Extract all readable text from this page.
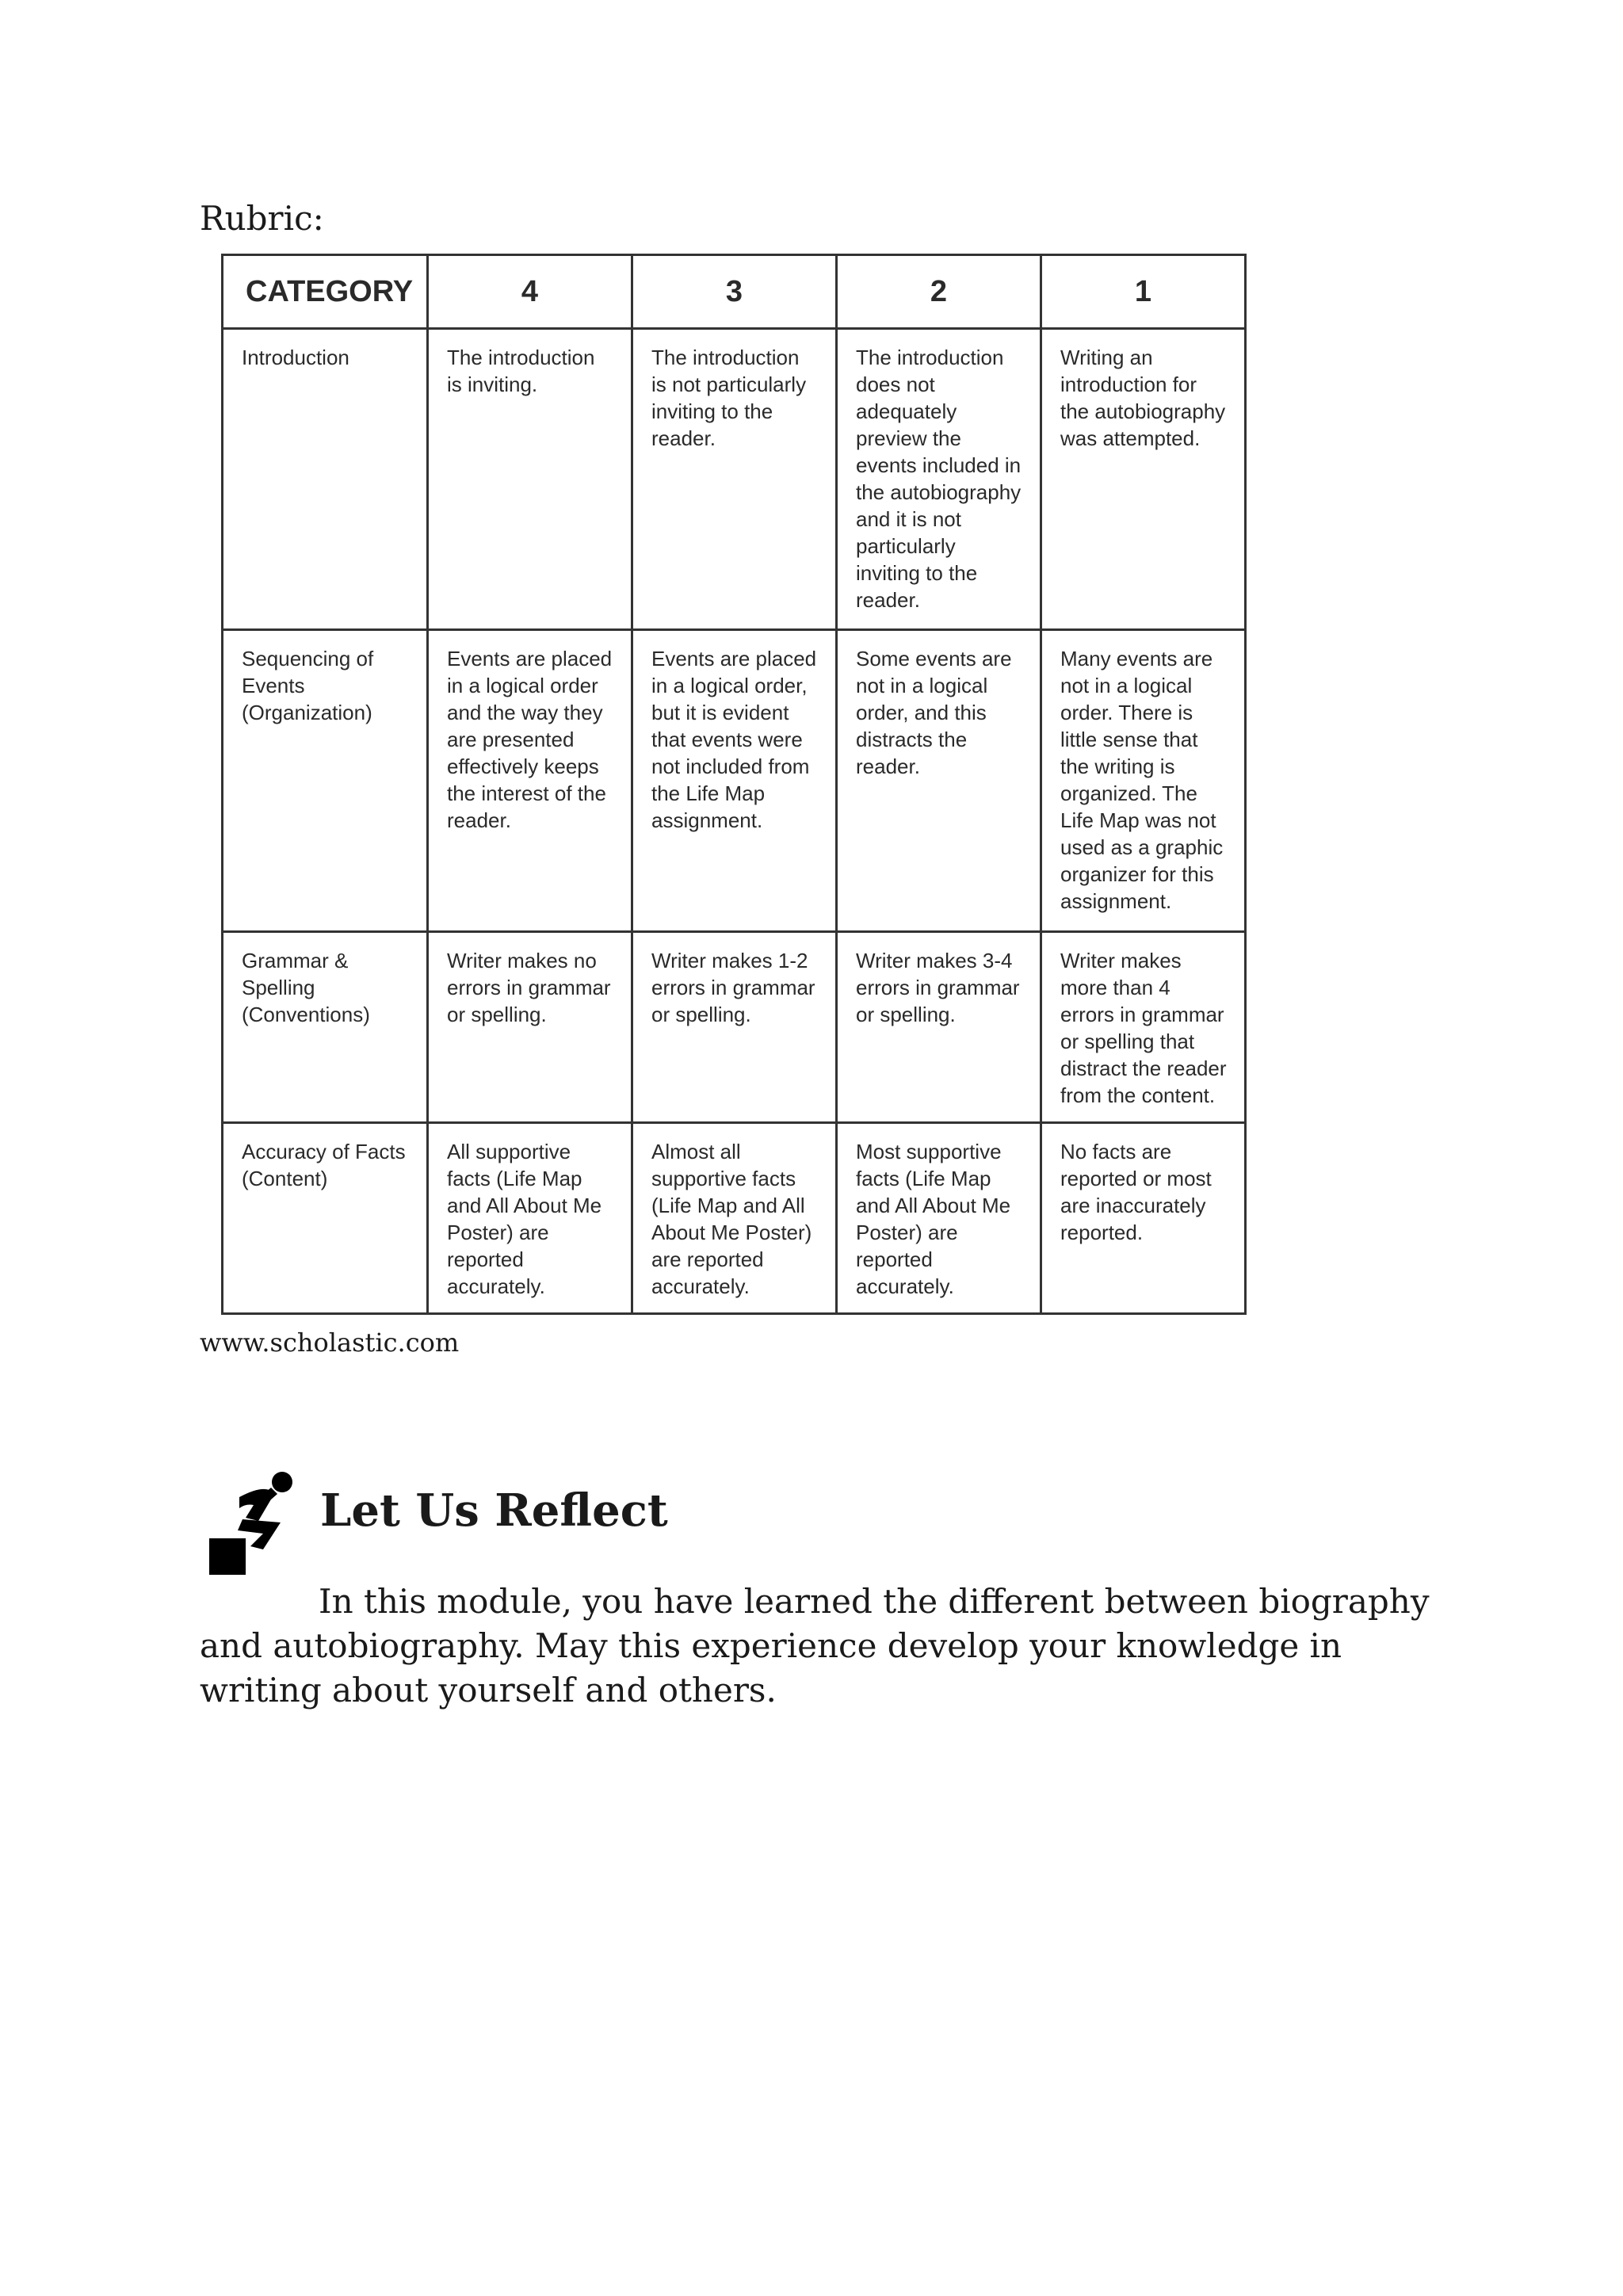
Rubric:
CATEGORY	4	3	2	1
Introduction	The introduction is inviting.	The introduction is not particularly inviting to the reader.	The introduction does not adequately preview the events included in the autobiography and it is not particularly inviting to the reader.	Writing an introduction for the autobiography was attempted.
Sequencing of Events (Organization)	Events are placed in a logical order and the way they are presented effectively keeps the interest of the reader.	Events are placed in a logical order, but it is evident that events were not included from the Life Map assignment.	Some events are not in a logical order, and this distracts the reader.	Many events are not in a logical order. There is little sense that the writing is organized. The Life Map was not used as a graphic organizer for this assignment.
Grammar & Spelling (Conventions)	Writer makes no errors in grammar or spelling.	Writer makes 1-2 errors in grammar or spelling.	Writer makes 3-4 errors in grammar or spelling.	Writer makes more than 4 errors in grammar or spelling that distract the reader from the content.
Accuracy of Facts (Content)	All supportive facts (Life Map and All About Me Poster) are reported accurately.	Almost all supportive facts (Life Map and All About Me Poster) are reported accurately.	Most supportive facts (Life Map and All About Me Poster) are reported accurately.	No facts are reported or most are inaccurately reported.
www.scholastic.com
Let Us Reflect

In this module, you have learned the different between biography and autobiography. May this experience develop your knowledge in writing about yourself and others.
